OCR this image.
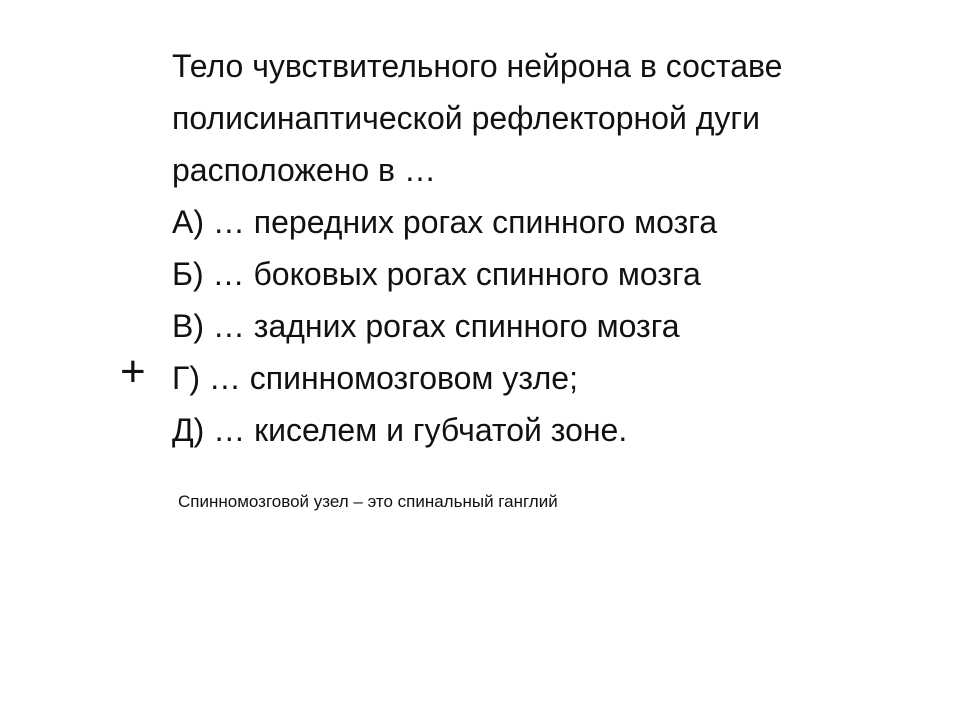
Тело чувствительного нейрона в составе
полисинаптической рефлекторной дуги
расположено в …
А) … передних рогах спинного мозга
Б) … боковых рогах спинного мозга
В) … задних рогах спинного мозга
Г) … спинномозговом узле;
Д) … киселем и губчатой зоне.
+
Спинномозговой узел – это спинальный ганглий
